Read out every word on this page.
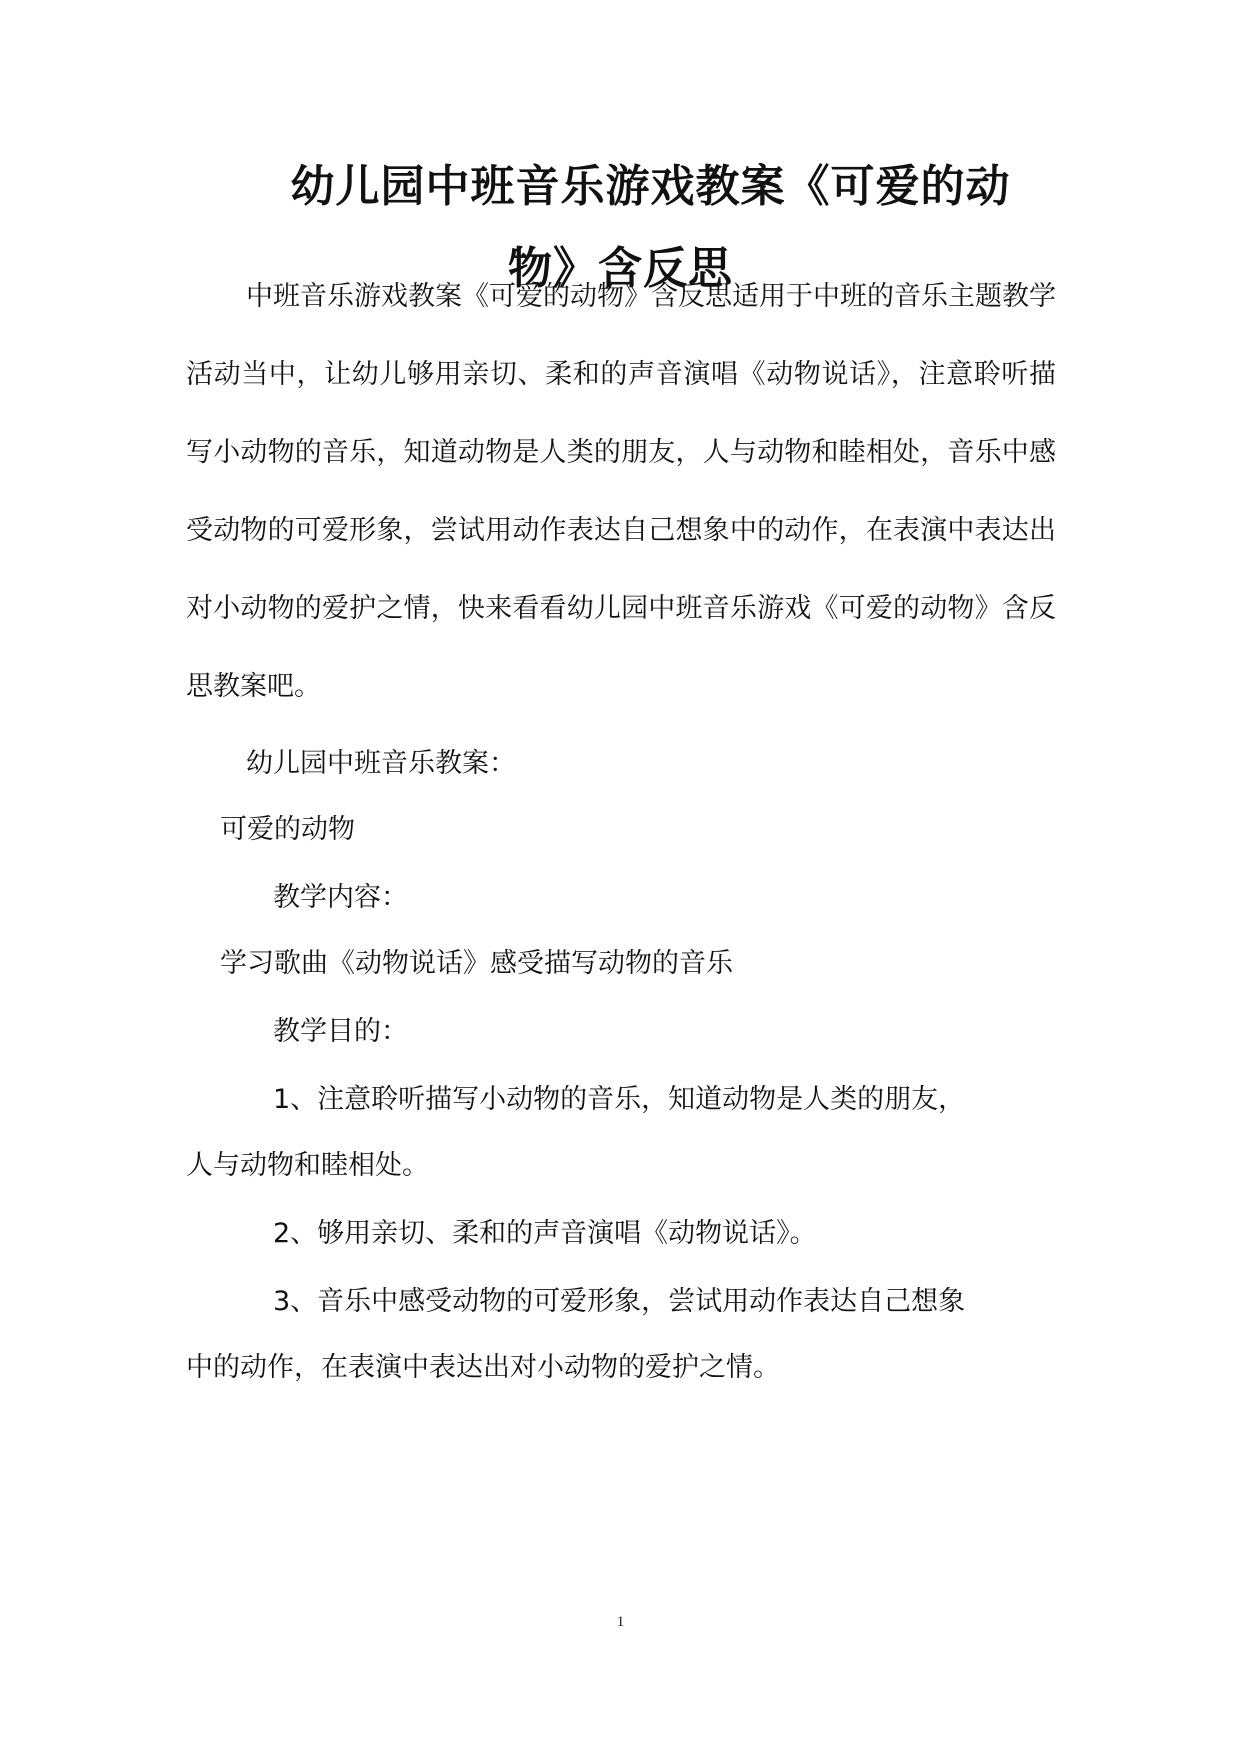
幼儿园中班音乐游戏教案《可爱的动
物》含反思
中班音乐游戏教案《可爱的动物》含反思适用于中班的音乐主题教学活动当中，让幼儿够用亲切、柔和的声音演唱《动物说话》，注意聆听描写小动物的音乐，知道动物是人类的朋友，人与动物和睦相处，音乐中感受动物的可爱形象，尝试用动作表达自己想象中的动作，在表演中表达出对小动物的爱护之情，快来看看幼儿园中班音乐游戏《可爱的动物》含反思教案吧。
幼儿园中班音乐教案：
可爱的动物
教学内容：
学习歌曲《动物说话》感受描写动物的音乐
教学目的：
1、注意聆听描写小动物的音乐，知道动物是人类的朋友，
人与动物和睦相处。
2、够用亲切、柔和的声音演唱《动物说话》。
3、音乐中感受动物的可爱形象，尝试用动作表达自己想象
中的动作，在表演中表达出对小动物的爱护之情。
1
